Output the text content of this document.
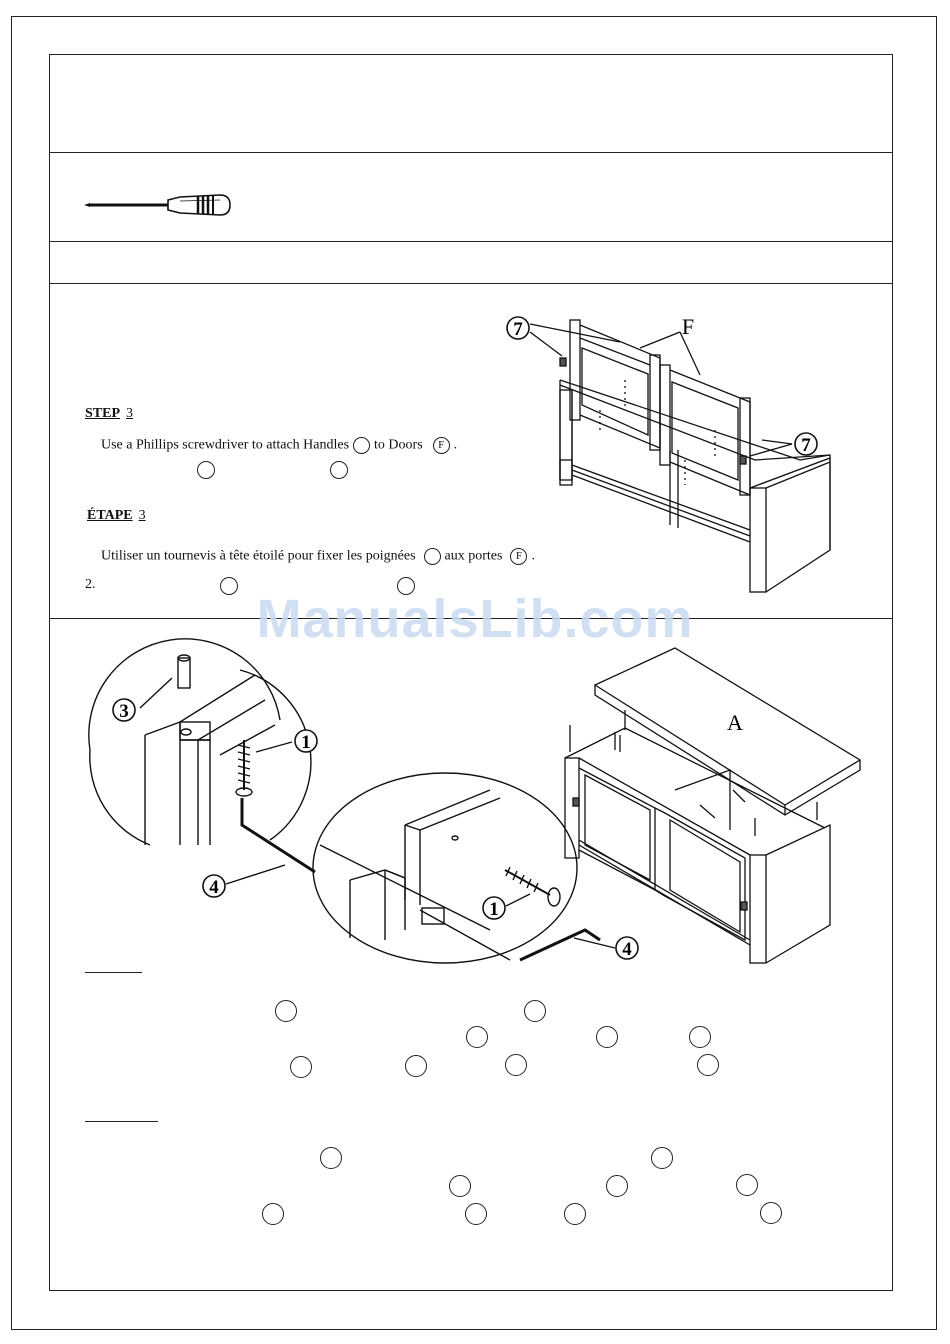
STEP 3
Use a Phillips screwdriver to attach Handles to Doors F .
ÉTAPE 3
Utiliser un tournevis à tête étoilé pour fixer les poignées aux portes F .
2.
7	F
7
3
1
4
1
4
A
ManualsLib.com
